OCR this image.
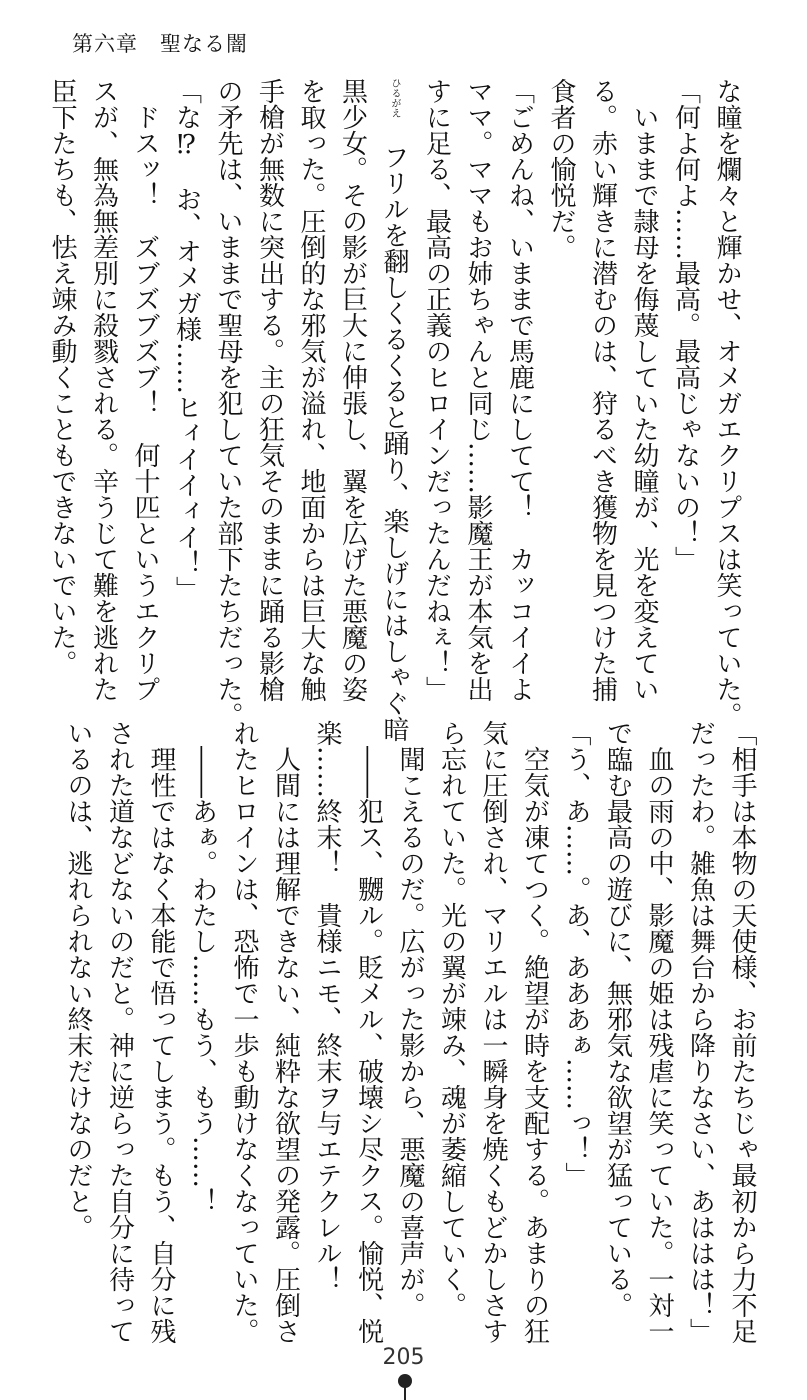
第六章　聖なる闇
な瞳を爛々と輝かせ、オメガエクリプスは笑っていた。
「何よ何よ……最高。最高じゃないの！」
　いままで隷母を侮蔑していた幼瞳が、光を変えてい
る。赤い輝きに潜むのは、狩るべき獲物を見つけた捕
食者の愉悦だ。
「ごめんね、いままで馬鹿にしてて！　カッコイイよ
ママ。ママもお姉ちゃんと同じ……影魔王が本気を出
すに足る、最高の正義のヒロインだったんだねぇ！」
ひるがえ　フリルを翻しくるくると踊り、楽しげにはしゃぐ暗
黒少女。その影が巨大に伸張し、翼を広げた悪魔の姿
を取った。圧倒的な邪気が溢れ、地面からは巨大な触
手槍が無数に突出する。主の狂気そのままに踊る影槍
の矛先は、いままで聖母を犯していた部下たちだった。
「な⁉　お、オメガ様……ヒィイイィイ！」
　ドスッ！　ズブズブズブ！　何十匹というエクリプ
スが、無為無差別に殺戮される。辛うじて難を逃れた
臣下たちも、怯え竦み動くこともできないでいた。
「相手は本物の天使様、お前たちじゃ最初から力不足
だったわ。雑魚は舞台から降りなさい、あははは！」
　血の雨の中、影魔の姫は残虐に笑っていた。一対一
で臨む最高の遊びに、無邪気な欲望が猛っている。
「う、あ……。あ、あああぁ……っ！」
　空気が凍てつく。絶望が時を支配する。あまりの狂
気に圧倒され、マリエルは一瞬身を焼くもどかしさす
ら忘れていた。光の翼が竦み、魂が萎縮していく。
　聞こえるのだ。広がった影から、悪魔の喜声が。
　――犯ス、嬲ル。貶メル、破壊シ尽クス。愉悦、悦
楽……終末！　貴様ニモ、終末ヲ与エテクレル！
　人間には理解できない、純粋な欲望の発露。圧倒さ
れたヒロインは、恐怖で一歩も動けなくなっていた。
　――あぁ。わたし……もう、もう……！
　理性ではなく本能で悟ってしまう。もう、自分に残
された道などないのだと。神に逆らった自分に待って
いるのは、逃れられない終末だけなのだと。
205
